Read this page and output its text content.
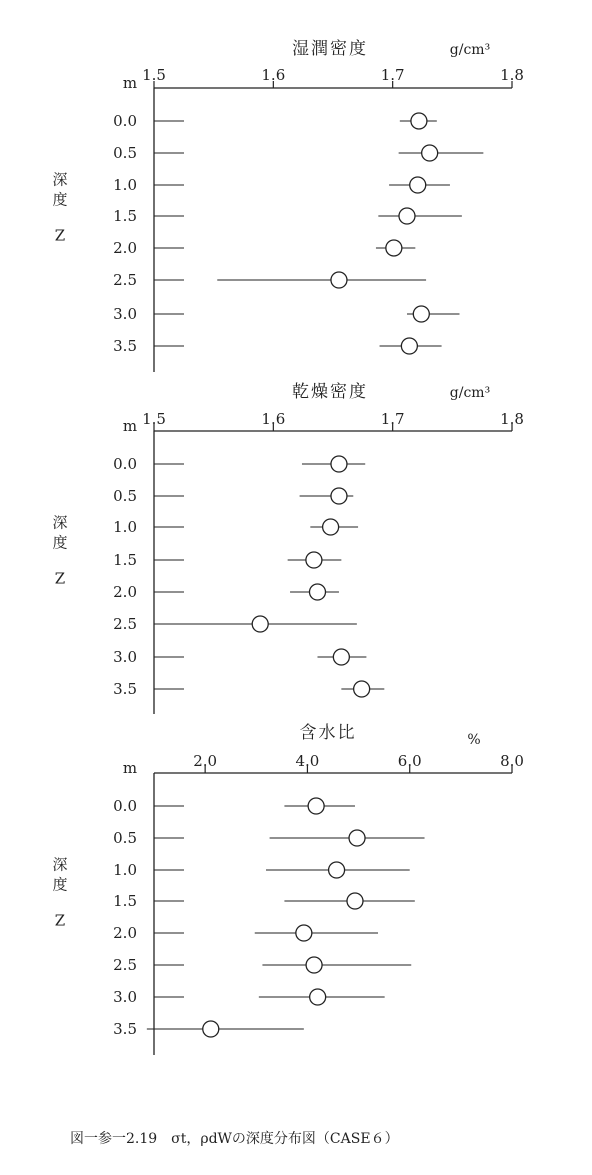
湿潤密度	g/cm³
1.5	1.6	1.7	1.8
m
深
度
Z
0.0
0.5
1.0
1.5
2.0
2.5
3.0
3.5
乾燥密度	g/cm³
1.5	1.6	1.7	1.8
m
深
度
Z
0.0
0.5
1.0
1.5
2.0
2.5
3.0
3.5
含水比	%
2.0	4.0	6.0	8.0
m
深
度
Z
0.0
0.5
1.0
1.5
2.0
2.5
3.0
3.5
図一参一2.19　σt，ρdWの深度分布図（CASE６）
